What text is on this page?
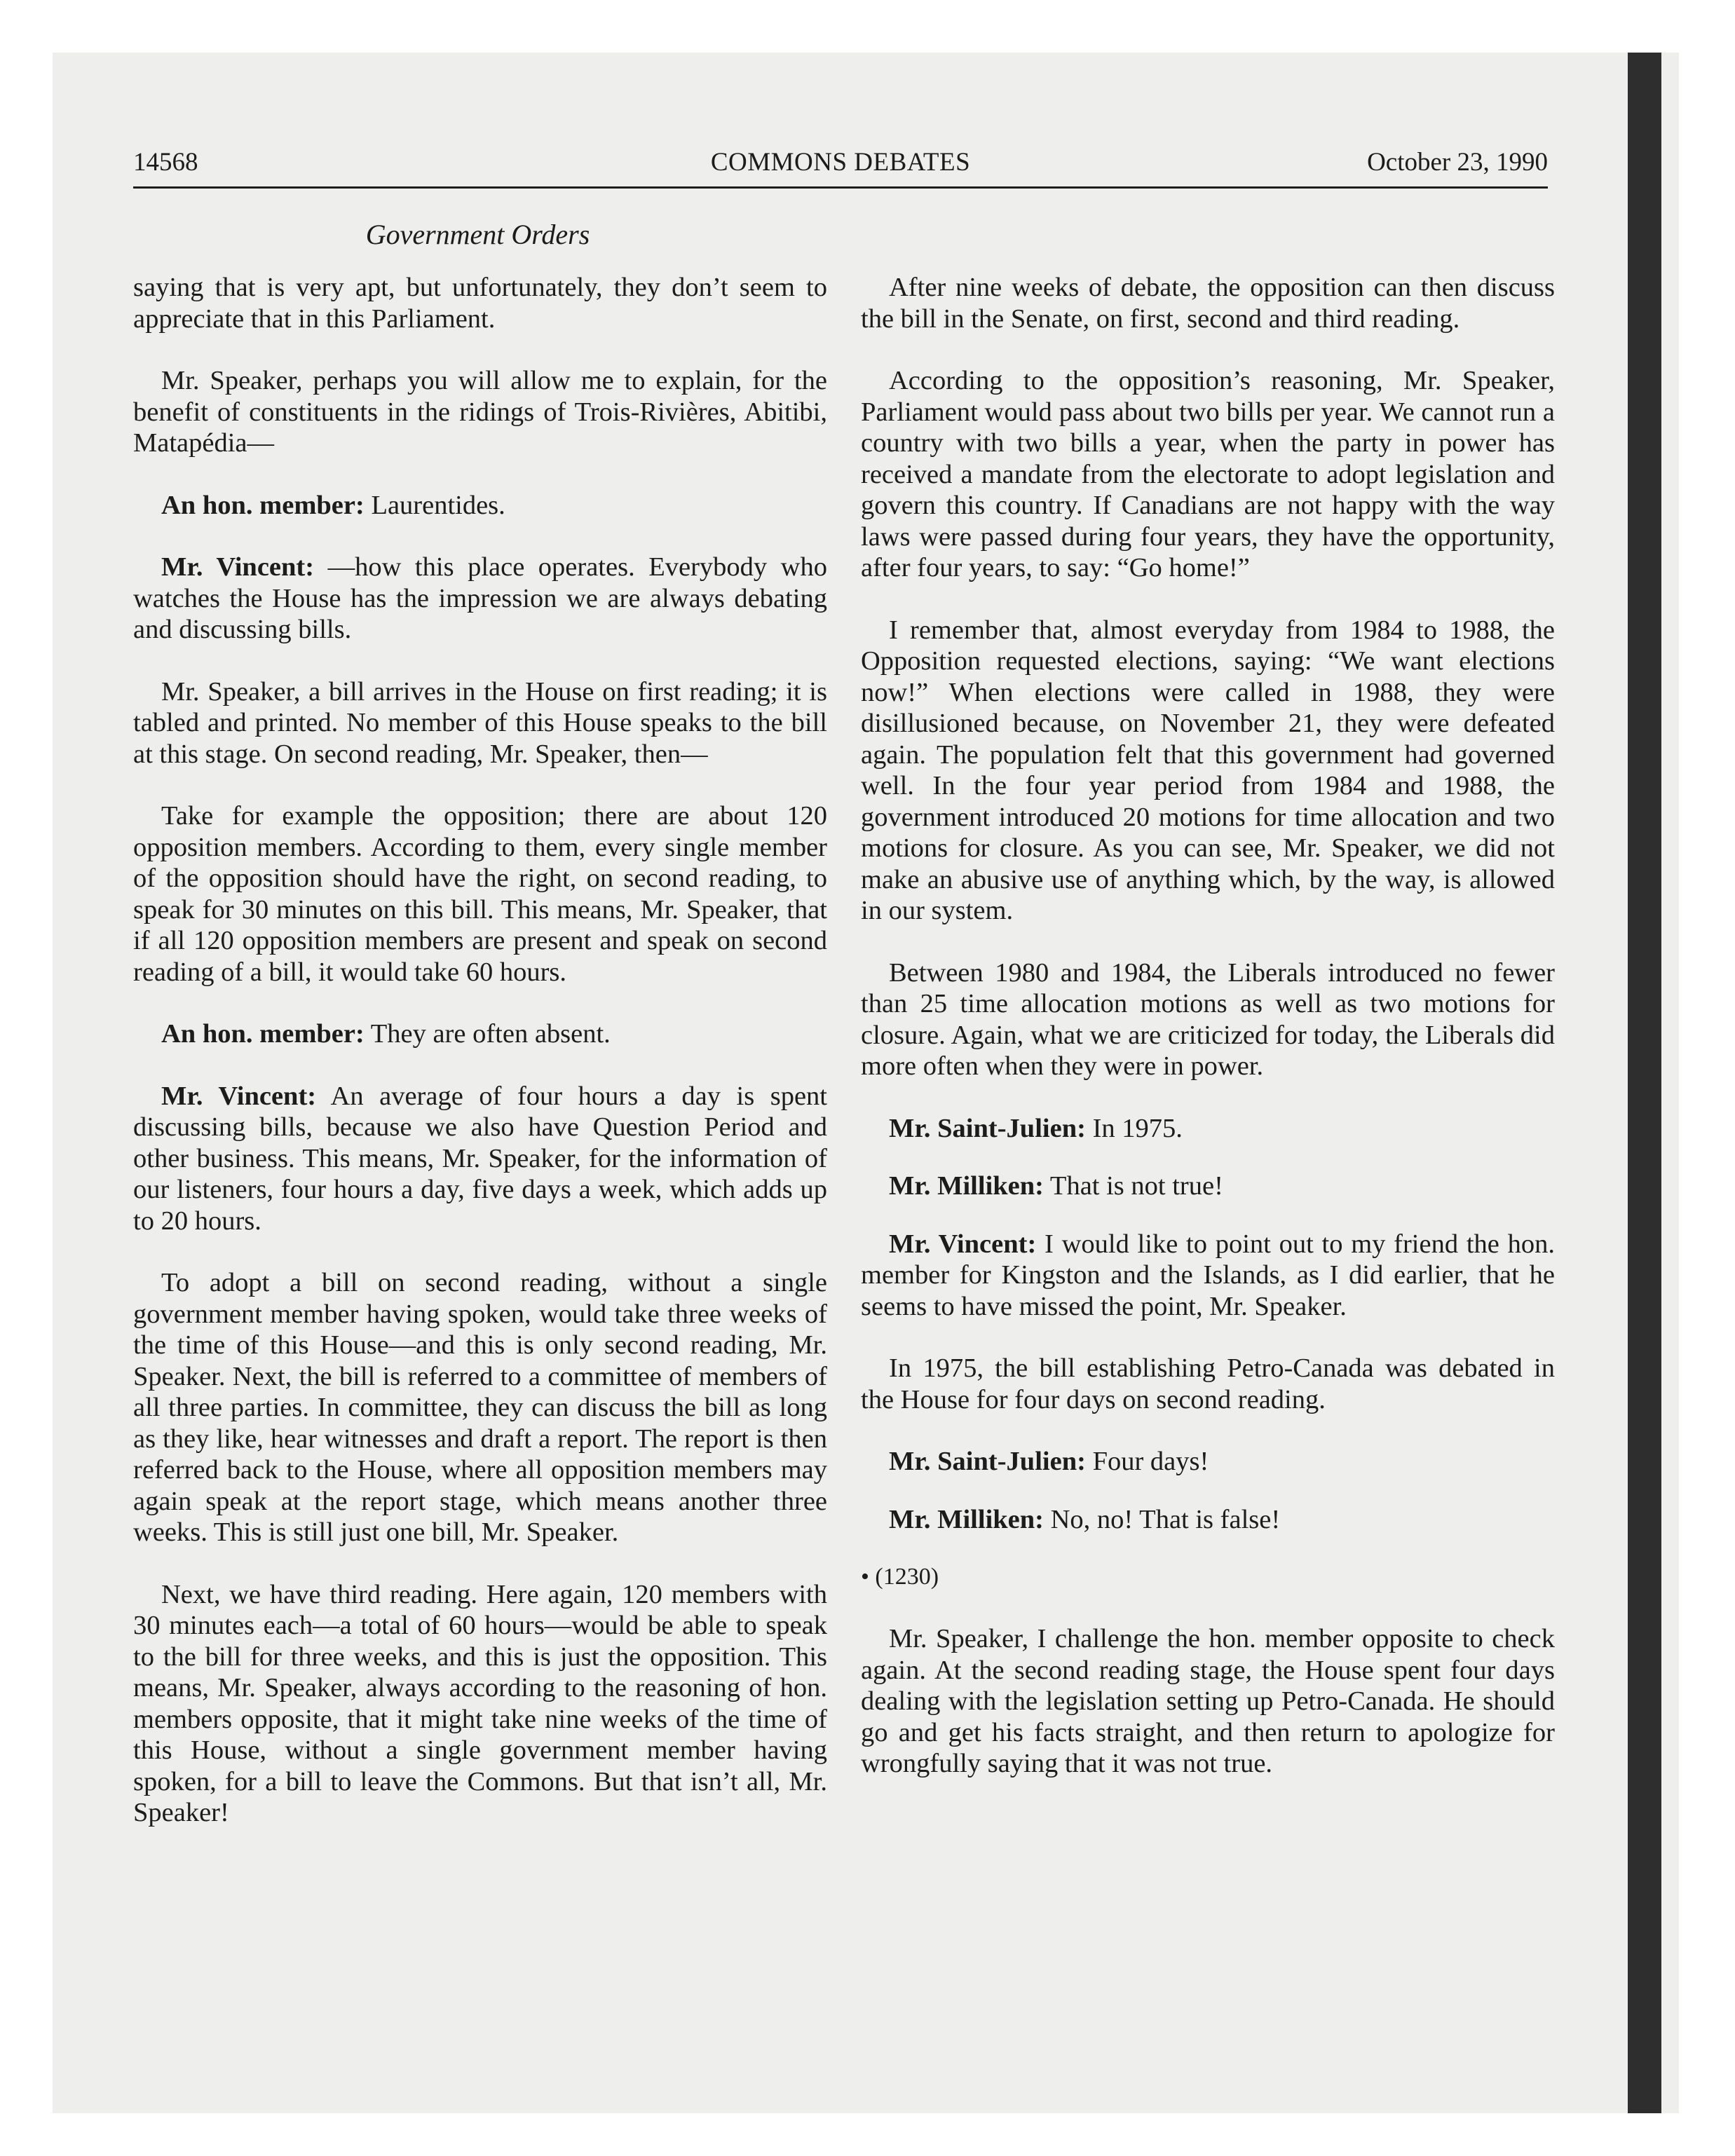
14568	COMMONS DEBATES	October 23, 1990
Government Orders

saying that is very apt, but unfortunately, they don’t seem to appreciate that in this Parliament.

Mr. Speaker, perhaps you will allow me to explain, for the benefit of constituents in the ridings of Trois-Rivières, Abitibi, Matapédia—

An hon. member: Laurentides.

Mr. Vincent: —how this place operates. Everybody who watches the House has the impression we are always debating and discussing bills.

Mr. Speaker, a bill arrives in the House on first reading; it is tabled and printed. No member of this House speaks to the bill at this stage. On second reading, Mr. Speaker, then—

Take for example the opposition; there are about 120 opposition members. According to them, every single member of the opposition should have the right, on second reading, to speak for 30 minutes on this bill. This means, Mr. Speaker, that if all 120 opposition members are present and speak on second reading of a bill, it would take 60 hours.

An hon. member: They are often absent.

Mr. Vincent: An average of four hours a day is spent discussing bills, because we also have Question Period and other business. This means, Mr. Speaker, for the information of our listeners, four hours a day, five days a week, which adds up to 20 hours.

To adopt a bill on second reading, without a single government member having spoken, would take three weeks of the time of this House—and this is only second reading, Mr. Speaker. Next, the bill is referred to a committee of members of all three parties. In committee, they can discuss the bill as long as they like, hear witnesses and draft a report. The report is then referred back to the House, where all opposition members may again speak at the report stage, which means another three weeks. This is still just one bill, Mr. Speaker.

Next, we have third reading. Here again, 120 members with 30 minutes each—a total of 60 hours—would be able to speak to the bill for three weeks, and this is just the opposition. This means, Mr. Speaker, always according to the reasoning of hon. members opposite, that it might take nine weeks of the time of this House, without a single government member having spoken, for a bill to leave the Commons. But that isn’t all, Mr. Speaker!

After nine weeks of debate, the opposition can then discuss the bill in the Senate, on first, second and third reading.

According to the opposition’s reasoning, Mr. Speaker, Parliament would pass about two bills per year. We cannot run a country with two bills a year, when the party in power has received a mandate from the electorate to adopt legislation and govern this country. If Canadians are not happy with the way laws were passed during four years, they have the opportunity, after four years, to say: “Go home!”

I remember that, almost everyday from 1984 to 1988, the Opposition requested elections, saying: “We want elections now!” When elections were called in 1988, they were disillusioned because, on November 21, they were defeated again. The population felt that this government had governed well. In the four year period from 1984 and 1988, the government introduced 20 motions for time allocation and two motions for closure. As you can see, Mr. Speaker, we did not make an abusive use of anything which, by the way, is allowed in our system.

Between 1980 and 1984, the Liberals introduced no fewer than 25 time allocation motions as well as two motions for closure. Again, what we are criticized for today, the Liberals did more often when they were in power.

Mr. Saint-Julien: In 1975.

Mr. Milliken: That is not true!

Mr. Vincent: I would like to point out to my friend the hon. member for Kingston and the Islands, as I did earlier, that he seems to have missed the point, Mr. Speaker.

In 1975, the bill establishing Petro-Canada was debated in the House for four days on second reading.

Mr. Saint-Julien: Four days!

Mr. Milliken: No, no! That is false!

• (1230)

Mr. Speaker, I challenge the hon. member opposite to check again. At the second reading stage, the House spent four days dealing with the legislation setting up Petro-Canada. He should go and get his facts straight, and then return to apologize for wrongfully saying that it was not true.
